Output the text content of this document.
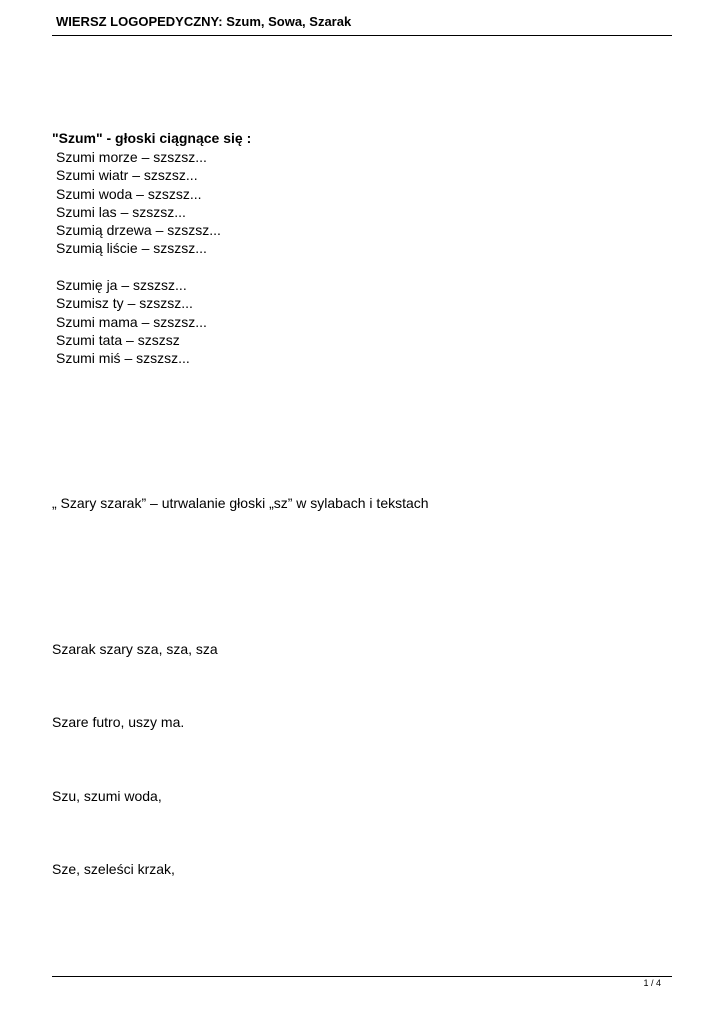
WIERSZ LOGOPEDYCZNY: Szum, Sowa, Szarak
"Szum" - głoski ciągnące się :
Szumi morze – szszsz...
Szumi wiatr – szszsz...
Szumi woda – szszsz...
Szumi las – szszsz...
Szumią drzewa – szszsz...
Szumią liście – szszsz...
Szumię ja – szszsz...
Szumisz ty – szszsz...
Szumi mama – szszsz...
Szumi tata – szszsz
Szumi miś – szszsz...
„ Szary szarak” – utrwalanie głoski „sz” w sylabach i tekstach
Szarak szary sza, sza, sza
Szare futro, uszy ma.
Szu, szumi woda,
Sze, szeleści krzak,
1 / 4
